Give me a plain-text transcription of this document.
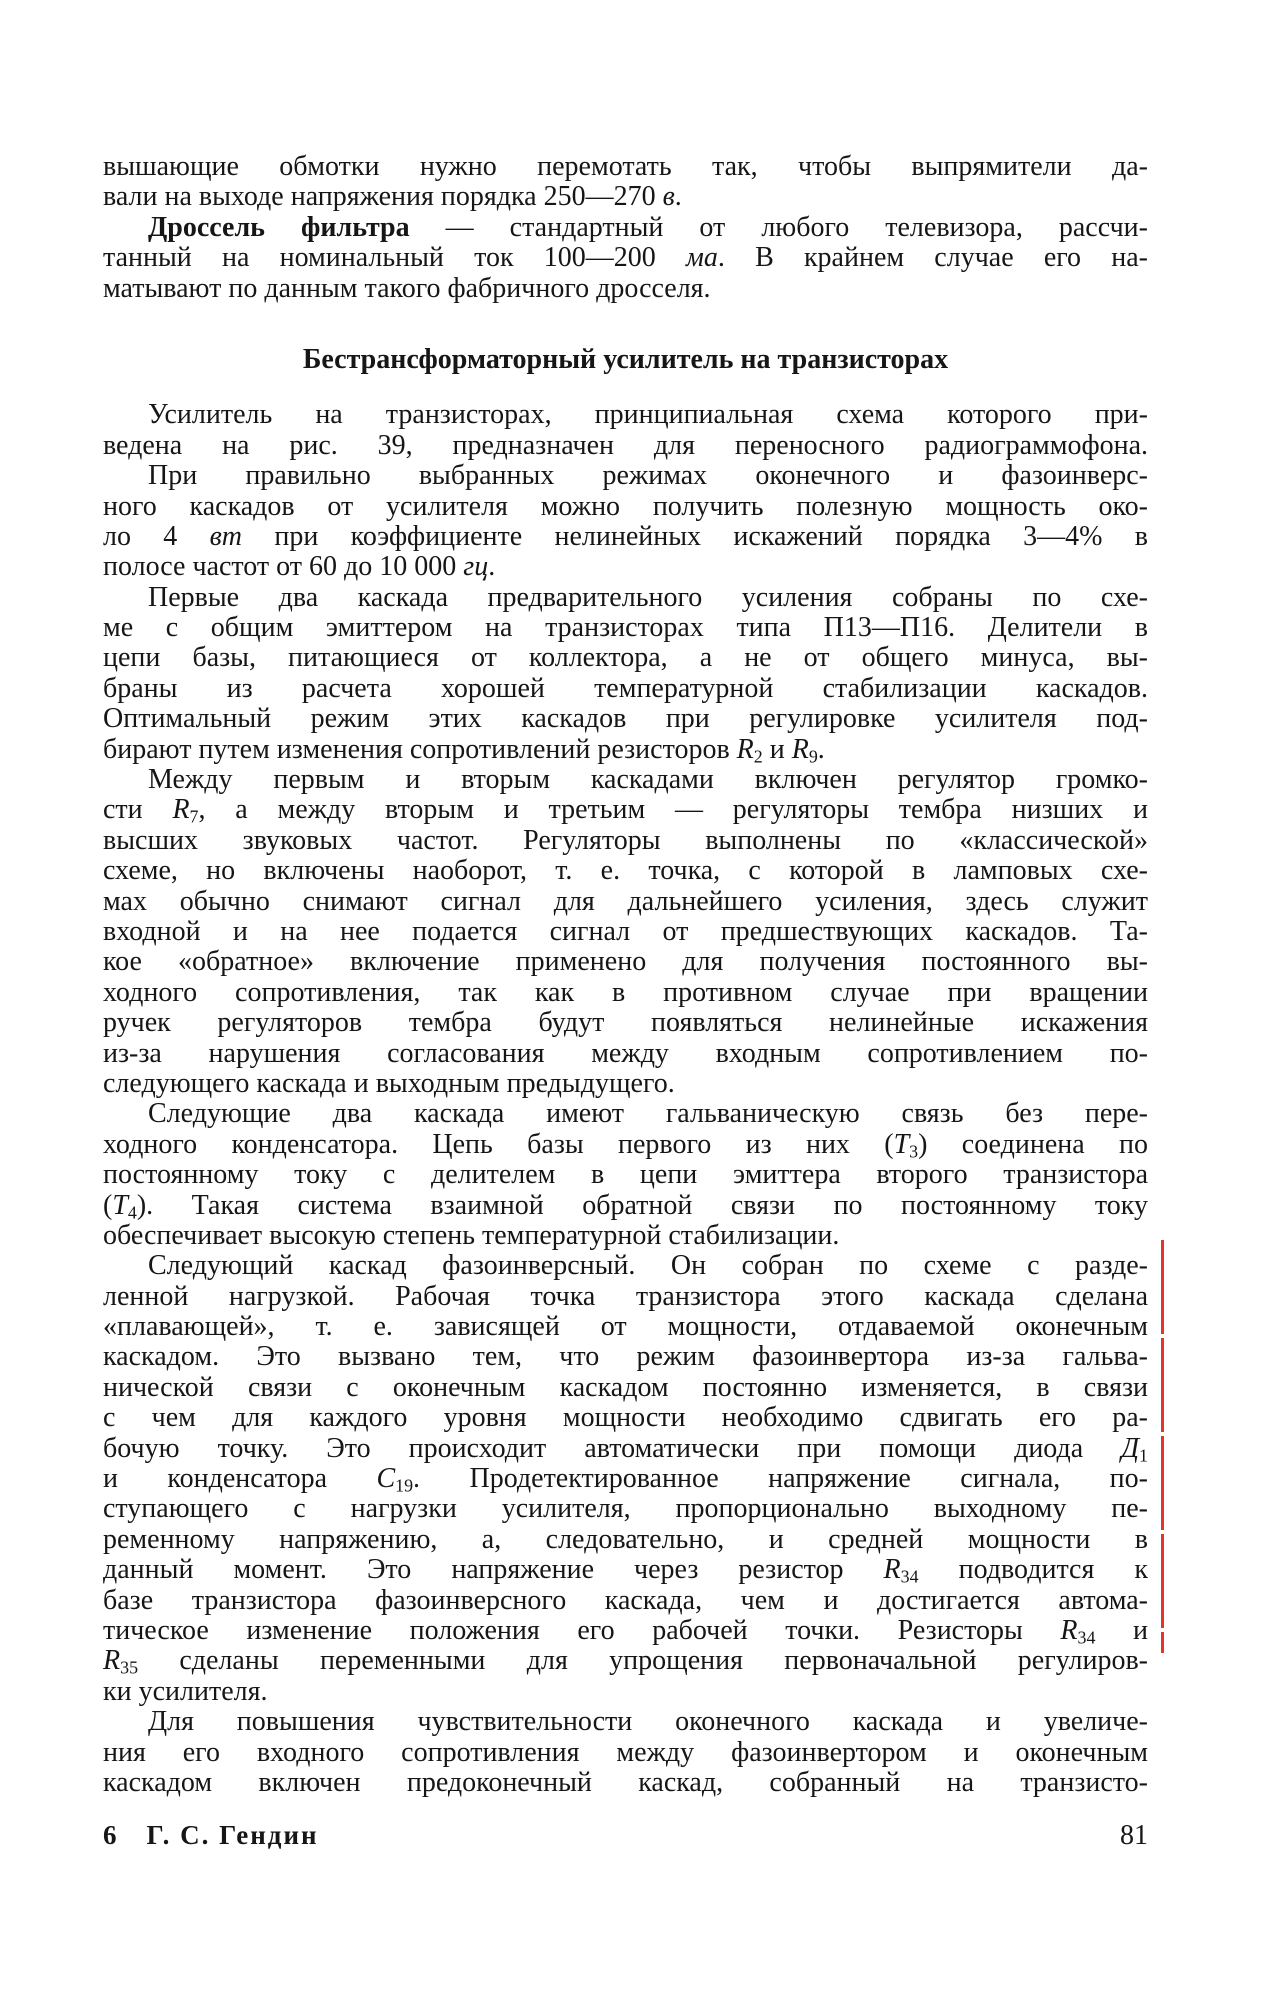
вышающие обмотки нужно перемотать так, чтобы выпрямители да-
вали на выходе напряжения порядка 250—270 в.
Дроссель фильтра — стандартный от любого телевизора, рассчи-
танный на номинальный ток 100—200 ма. В крайнем случае его на-
матывают по данным такого фабричного дросселя.
Бестрансформаторный усилитель на транзисторах
Усилитель на транзисторах, принципиальная схема которого при-
ведена на рис. 39, предназначен для переносного радиограммофона.
При правильно выбранных режимах оконечного и фазоинверс-
ного каскадов от усилителя можно получить полезную мощность око-
ло 4 вт при коэффициенте нелинейных искажений порядка 3—4% в
полосе частот от 60 до 10 000 гц.
Первые два каскада предварительного усиления собраны по схе-
ме с общим эмиттером на транзисторах типа П13—П16. Делители в
цепи базы, питающиеся от коллектора, а не от общего минуса, вы-
браны из расчета хорошей температурной стабилизации каскадов.
Оптимальный режим этих каскадов при регулировке усилителя под-
бирают путем изменения сопротивлений резисторов $R_2$ и $R_9$.
Между первым и вторым каскадами включен регулятор громко-
сти $R_7$, а между вторым и третьим — регуляторы тембра низших и
высших звуковых частот. Регуляторы выполнены по «классической»
схеме, но включены наоборот, т. е. точка, с которой в ламповых схе-
мах обычно снимают сигнал для дальнейшего усиления, здесь служит
входной и на нее подается сигнал от предшествующих каскадов. Та-
кое «обратное» включение применено для получения постоянного вы-
ходного сопротивления, так как в противном случае при вращении
ручек регуляторов тембра будут появляться нелинейные искажения
из-за нарушения согласования между входным сопротивлением по-
следующего каскада и выходным предыдущего.
Следующие два каскада имеют гальваническую связь без пере-
ходного конденсатора. Цепь базы первого из них $(Т_3)$ соединена по
постоянному току с делителем в цепи эмиттера второго транзистора
$(Т_4)$. Такая система взаимной обратной связи по постоянному току
обеспечивает высокую степень температурной стабилизации.
Следующий каскад фазоинверсный. Он собран по схеме с разде-
ленной нагрузкой. Рабочая точка транзистора этого каскада сделана
«плавающей», т. е. зависящей от мощности, отдаваемой оконечным
каскадом. Это вызвано тем, что режим фазоинвертора из-за гальва-
нической связи с оконечным каскадом постоянно изменяется, в связи
с чем для каждого уровня мощности необходимо сдвигать его ра-
бочую точку. Это происходит автоматически при помощи диода $Д_1$
и конденсатора $С_{19}$. Продетектированное напряжение сигнала, по-
ступающего с нагрузки усилителя, пропорционально выходному пе-
ременному напряжению, а, следовательно, и средней мощности в
данный момент. Это напряжение через резистор $R_{34}$ подводится к
базе транзистора фазоинверсного каскада, чем и достигается автома-
тическое изменение положения его рабочей точки. Резисторы $R_{34}$ и
$R_{35}$ сделаны переменными для упрощения первоначальной регулиров-
ки усилителя.
Для повышения чувствительности оконечного каскада и увеличе-
ния его входного сопротивления между фазоинвертором и оконечным
каскадом включен предоконечный каскад, собранный на транзисто-
6 Г. С. Гендин	81
